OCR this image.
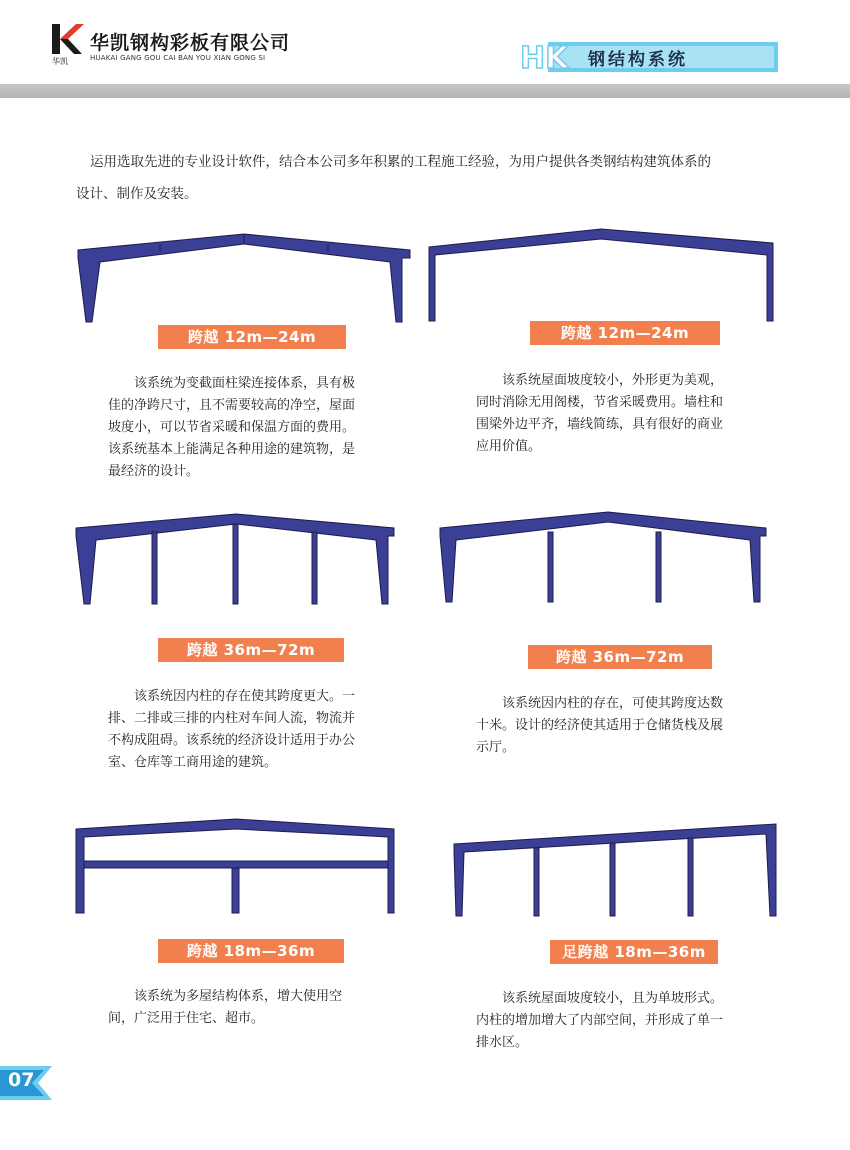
华凯
华凯钢构彩板有限公司
HUAKAI GANG GOU CAI BAN YOU XIAN GONG SI	HK 钢结构系统
运用选取先进的专业设计软件，结合本公司多年积累的工程施工经验，为用户提供各类钢结构建筑体系的
设计、制作及安装。
跨越 12m—24m
该系统为变截面柱梁连接体系，具有极
佳的净跨尺寸，且不需要较高的净空，屋面
坡度小，可以节省采暖和保温方面的费用。
该系统基本上能满足各种用途的建筑物，是
最经济的设计。
跨越 12m—24m
该系统屋面坡度较小，外形更为美观，
同时消除无用阁楼，节省采暖费用。墙柱和
围梁外边平齐，墙线简练，具有很好的商业
应用价值。
跨越 36m—72m
该系统因内柱的存在使其跨度更大。一
排、二排或三排的内柱对车间人流，物流并
不构成阻碍。该系统的经济设计适用于办公
室、仓库等工商用途的建筑。
跨越 36m—72m
该系统因内柱的存在，可使其跨度达数
十米。设计的经济使其适用于仓储货栈及展
示厅。
跨越 18m—36m
该系统为多屋结构体系，增大使用空
间，广泛用于住宅、超市。
足跨越 18m—36m
该系统屋面坡度较小，且为单坡形式。
内柱的增加增大了内部空间，并形成了单一
排水区。
07
